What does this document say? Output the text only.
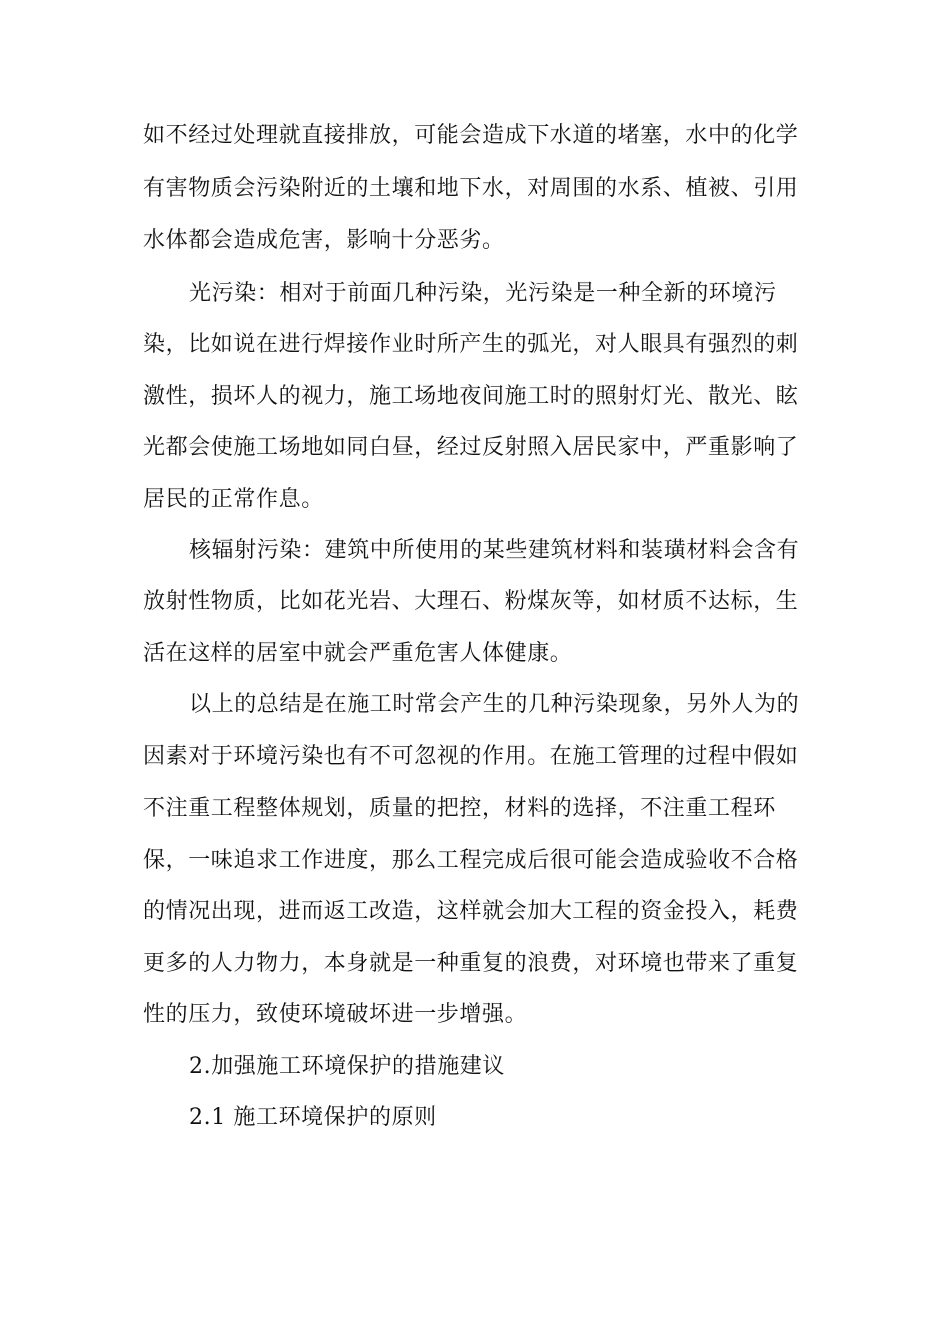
如不经过处理就直接排放，可能会造成下水道的堵塞，水中的化学
有害物质会污染附近的土壤和地下水，对周围的水系、植被、引用
水体都会造成危害，影响十分恶劣。
光污染：相对于前面几种污染，光污染是一种全新的环境污
染，比如说在进行焊接作业时所产生的弧光，对人眼具有强烈的刺
激性，损坏人的视力，施工场地夜间施工时的照射灯光、散光、眩
光都会使施工场地如同白昼，经过反射照入居民家中，严重影响了
居民的正常作息。
核辐射污染：建筑中所使用的某些建筑材料和装璜材料会含有
放射性物质，比如花光岩、大理石、粉煤灰等，如材质不达标，生
活在这样的居室中就会严重危害人体健康。
以上的总结是在施工时常会产生的几种污染现象，另外人为的
因素对于环境污染也有不可忽视的作用。在施工管理的过程中假如
不注重工程整体规划，质量的把控，材料的选择，不注重工程环
保，一味追求工作进度，那么工程完成后很可能会造成验收不合格
的情况出现，进而返工改造，这样就会加大工程的资金投入，耗费
更多的人力物力，本身就是一种重复的浪费，对环境也带来了重复
性的压力，致使环境破坏进一步增强。
2.加强施工环境保护的措施建议
2.1 施工环境保护的原则
